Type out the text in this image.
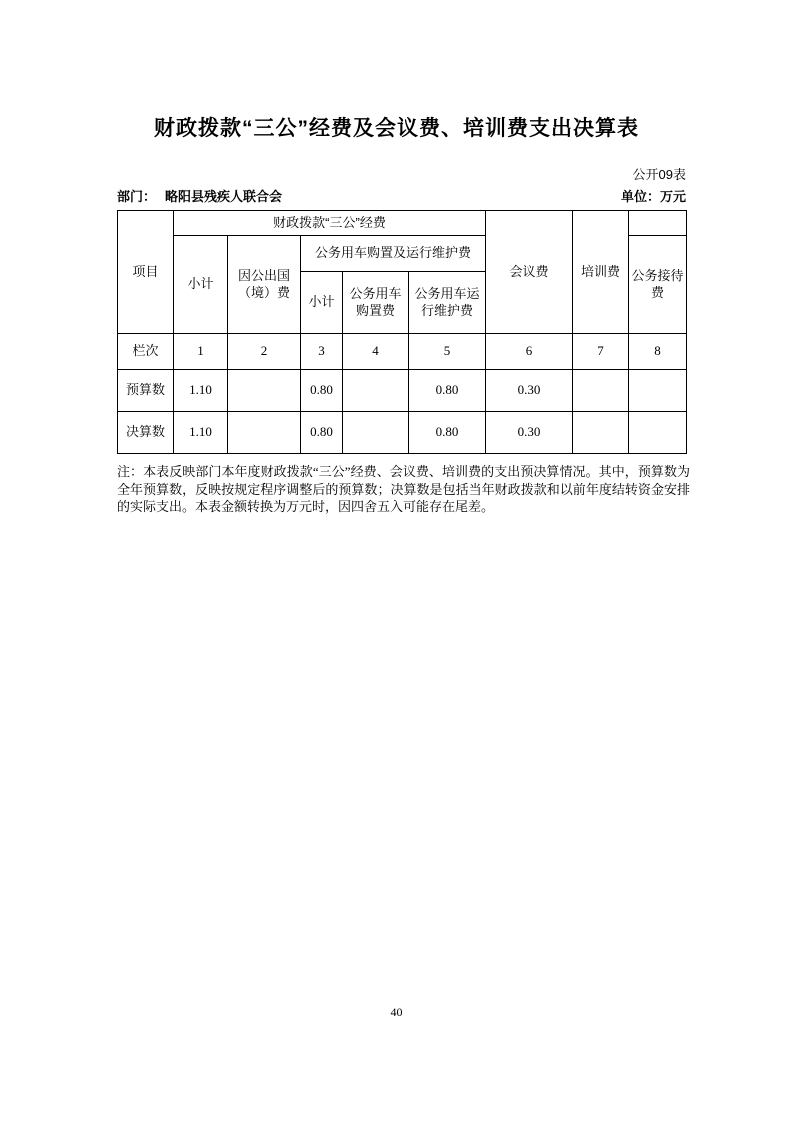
财政拨款“三公”经费及会议费、培训费支出决算表
公开09表
部门： 略阳县残疾人联合会	单位：万元
项目	财政拨款“三公”经费					会议费	培训费	
	小计	因公出国（境）费	公务用车购置及运行维护费					公务接待费
			小计	公务用车购置费	公务用车运行维护费			
栏次	1	2	3	4	5	6	7	8
预算数	1.10		0.80		0.80	0.30		
决算数	1.10		0.80		0.80	0.30		

注：本表反映部门本年度财政拨款“三公”经费、会议费、培训费的支出预决算情况。其中，预算数为全年预算数，反映按规定程序调整后的预算数；决算数是包括当年财政拨款和以前年度结转资金安排的实际支出。本表金额转换为万元时，因四舍五入可能存在尾差。

40
